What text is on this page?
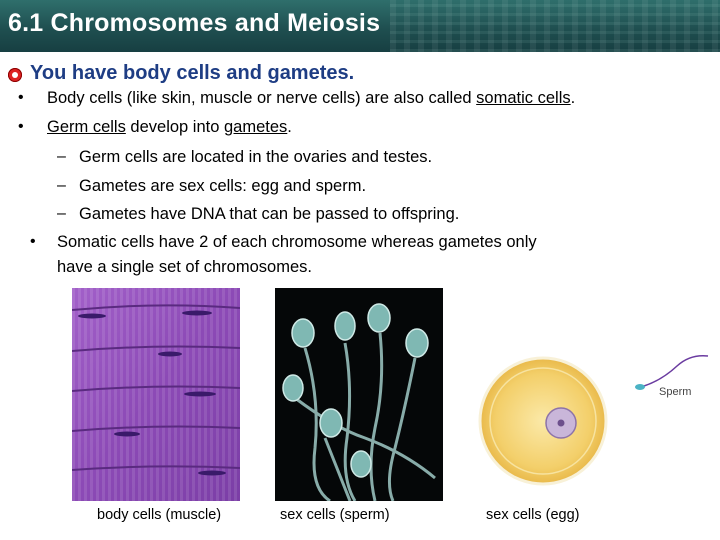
6.1 Chromosomes and Meiosis
You have body cells and gametes.
• Body cells (like skin, muscle or nerve cells) are also called somatic cells.
• Germ cells develop into gametes.
– Germ cells are located in the ovaries and testes.
– Gametes are sex cells: egg and sperm.
– Gametes have DNA that can be passed to offspring.
• Somatic cells have 2 of each chromosome whereas gametes only
have a single set of chromosomes.
Sperm
body cells (muscle)	sex cells (sperm)	sex cells (egg)
